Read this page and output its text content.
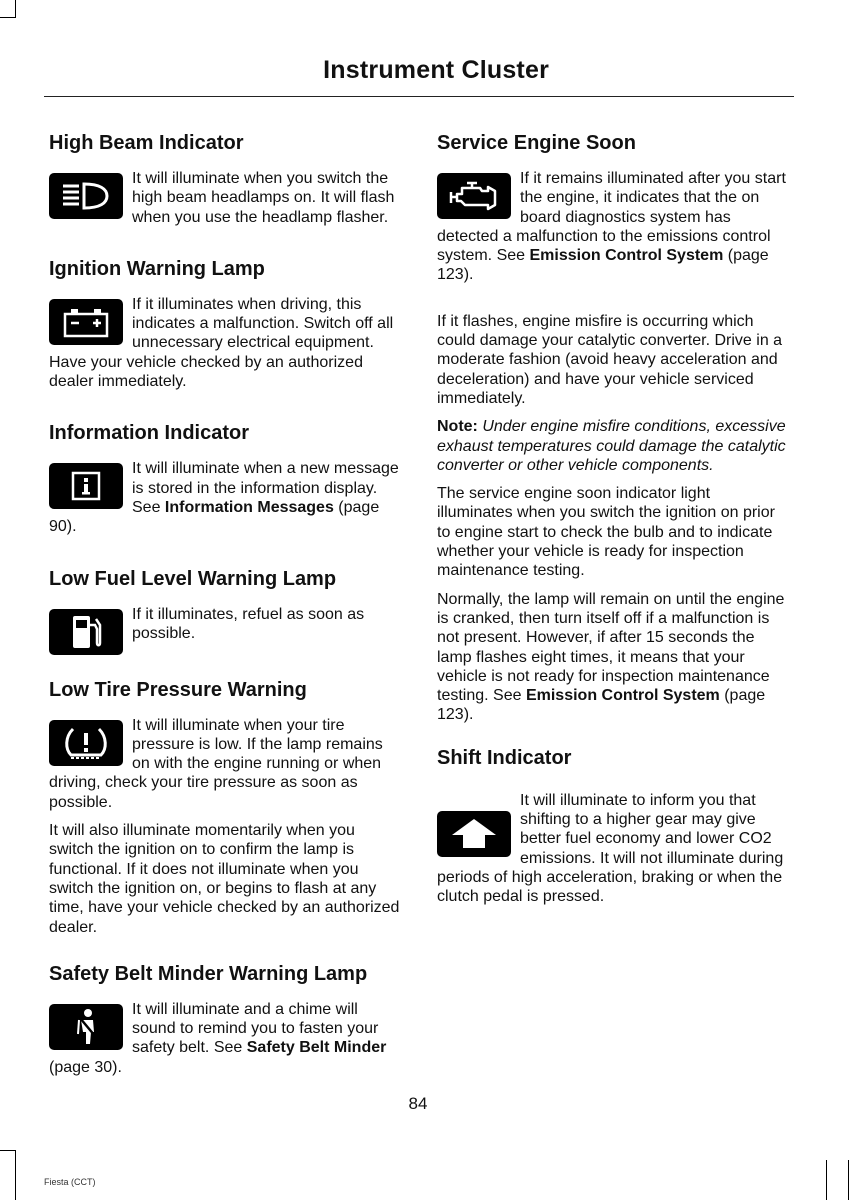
Instrument Cluster
High Beam Indicator

It will illuminate when you switch the high beam headlamps on. It will flash when you use the headlamp flasher.

Ignition Warning Lamp

If it illuminates when driving, this indicates a malfunction. Switch off all unnecessary electrical equipment. Have your vehicle checked by an authorized dealer immediately.

Information Indicator

It will illuminate when a new message is stored in the information display. See Information Messages (page 90).

Low Fuel Level Warning Lamp

If it illuminates, refuel as soon as possible.

Low Tire Pressure Warning

It will illuminate when your tire pressure is low. If the lamp remains on with the engine running or when driving, check your tire pressure as soon as possible.

It will also illuminate momentarily when you switch the ignition on to confirm the lamp is functional. If it does not illuminate when you switch the ignition on, or begins to flash at any time, have your vehicle checked by an authorized dealer.

Safety Belt Minder Warning Lamp

It will illuminate and a chime will sound to remind you to fasten your safety belt. See Safety Belt Minder (page 30).

Service Engine Soon

If it remains illuminated after you start the engine, it indicates that the on board diagnostics system has detected a malfunction to the emissions control system. See Emission Control System (page 123).

If it flashes, engine misfire is occurring which could damage your catalytic converter. Drive in a moderate fashion (avoid heavy acceleration and deceleration) and have your vehicle serviced immediately.

Note: Under engine misfire conditions, excessive exhaust temperatures could damage the catalytic converter or other vehicle components.

The service engine soon indicator light illuminates when you switch the ignition on prior to engine start to check the bulb and to indicate whether your vehicle is ready for inspection maintenance testing.

Normally, the lamp will remain on until the engine is cranked, then turn itself off if a malfunction is not present. However, if after 15 seconds the lamp flashes eight times, it means that your vehicle is not ready for inspection maintenance testing. See Emission Control System (page 123).

Shift Indicator

It will illuminate to inform you that shifting to a higher gear may give better fuel economy and lower CO2 emissions. It will not illuminate during periods of high acceleration, braking or when the clutch pedal is pressed.

84
Fiesta (CCT)
